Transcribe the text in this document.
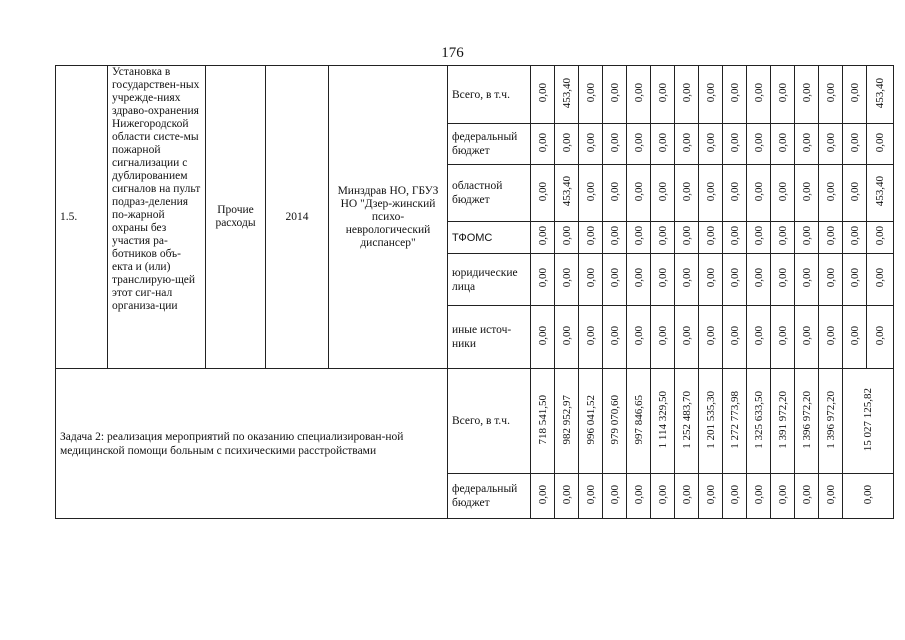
176
1.5.	Установка в государствен-ных учрежде-ниях здраво-охранения Нижегородской области систе-мы пожарной сигнализации с дублированием сигналов на пульт подраз-деления по-жарной охраны без участия ра-ботников объ-екта и (или) транслирую-щей этот сиг-нал организа-ции	Прочие расходы	2014	Минздрав НО, ГБУЗ НО "Дзер-жинский психо-неврологический диспансер"	Всего, в т.ч.	0,00	453,40	0,00	0,00	0,00	0,00	0,00	0,00	0,00	0,00	0,00	0,00	0,00	0,00	453,40
					федеральный бюджет	0,00	0,00	0,00	0,00	0,00	0,00	0,00	0,00	0,00	0,00	0,00	0,00	0,00	0,00	0,00
					областной бюджет	0,00	453,40	0,00	0,00	0,00	0,00	0,00	0,00	0,00	0,00	0,00	0,00	0,00	0,00	453,40
					ТФОМС	0,00	0,00	0,00	0,00	0,00	0,00	0,00	0,00	0,00	0,00	0,00	0,00	0,00	0,00	0,00
					юридические лица	0,00	0,00	0,00	0,00	0,00	0,00	0,00	0,00	0,00	0,00	0,00	0,00	0,00	0,00	0,00
					иные источ-ники	0,00	0,00	0,00	0,00	0,00	0,00	0,00	0,00	0,00	0,00	0,00	0,00	0,00	0,00	0,00
Задача 2: реализация мероприятий по оказанию специализирован-ной медицинской помощи больным с психическими расстройствами					Всего, в т.ч.	718 541,50	982 952,97	996 041,52	979 070,60	997 846,65	1 114 329,50	1 252 483,70	1 201 535,30	1 272 773,98	1 325 633,50	1 391 972,20	1 396 972,20	1 396 972,20	15 027 125,82	
					федеральный бюджет	0,00	0,00	0,00	0,00	0,00	0,00	0,00	0,00	0,00	0,00	0,00	0,00	0,00	0,00	
